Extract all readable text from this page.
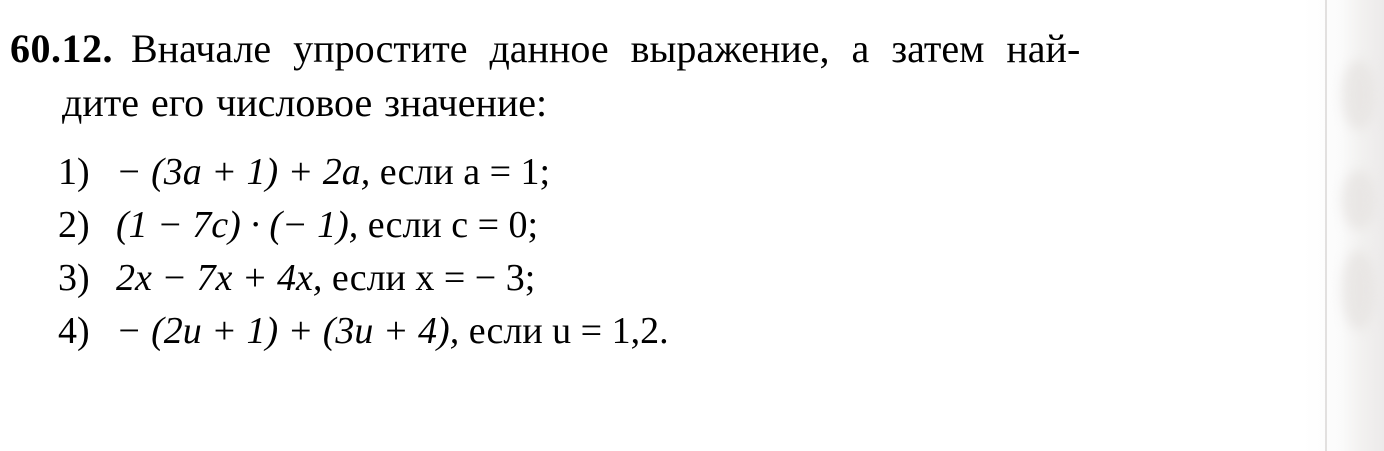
60.12. Вначале упростите данное выражение, а затем най-
дите его числовое значение:
1) − (3a + 1) + 2a, если a = 1;
2) (1 − 7c) · (− 1), если c = 0;
3) 2x − 7x + 4x, если x = − 3;
4) − (2u + 1) + (3u + 4), если u = 1,2.
